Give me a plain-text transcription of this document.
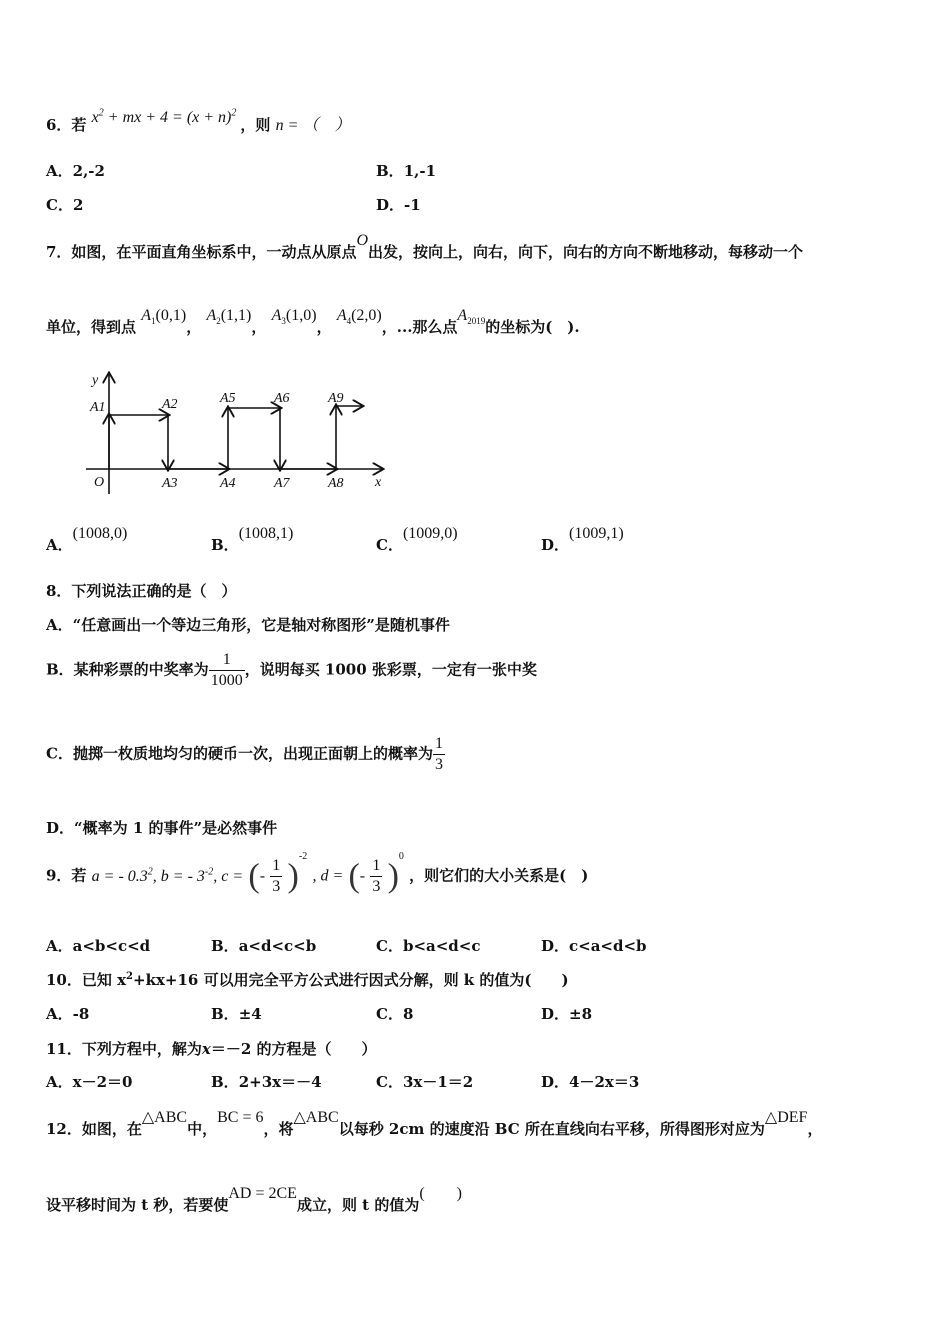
6．若 $x^2$ + mx + $4 = (x + n)^2$ ，则 n = （　）
A．2,-2	B．1,-1
C．2	D．-1
7．如图，在平面直角坐标系中，一动点从原点O出发，按向上，向右，向下，向右的方向不断地移动，每移动一个
单位，得到点 $A_1(0,1)$， $A_2(1,1)$， $A_3(1,0)$， $A_4(2,0)$，...那么点$A_{2019}$的坐标为(　).
y
x
O
A1	A2
A3	A4
A5	A6
A7	A8
A9
A．(1008,0)
B．(1008,1)
C．(1009,0)
D．(1009,1)
8．下列说法正确的是（　）
A．“任意画出一个等边三角形，它是轴对称图形”是随机事件
B．某种彩票的中奖率为 $\frac{1}{1000}$ ，说明每买 1000 张彩票，一定有一张中奖
C．抛掷一枚质地均匀的硬币一次，出现正面朝上的概率为 $\frac{1}{3}$
D．“概率为 1 的事件”是必然事件
9．若 a = - $0.3^2$, b = - $3^{-2}$, c = (- $\frac{1}{3} )^{-2}$ , d = (- $\frac{1}{3} )^0$ ，则它们的大小关系是(　)
A．a<b<c<d	B．a<d<c<b	C．b<a<d<c	D．c<a<d<b
10．已知 $x^2+kx+16$ 可以用完全平方公式进行因式分解，则 k 的值为(　　)
A．-8	B．±4	C．8	D．±8
11．下列方程中，解为x＝－2 的方程是（　　）
A．x－2＝0	B．2+3x＝－4	C．3x－1＝2	D．4－2x＝3
12．如图，在△ABC中，BC = 6，将△ABC以每秒 2cm 的速度沿 BC 所在直线向右平移，所得图形对应为△DEF，
设平移时间为 t 秒，若要使AD = 2CE成立，则 t 的值为(　　)
